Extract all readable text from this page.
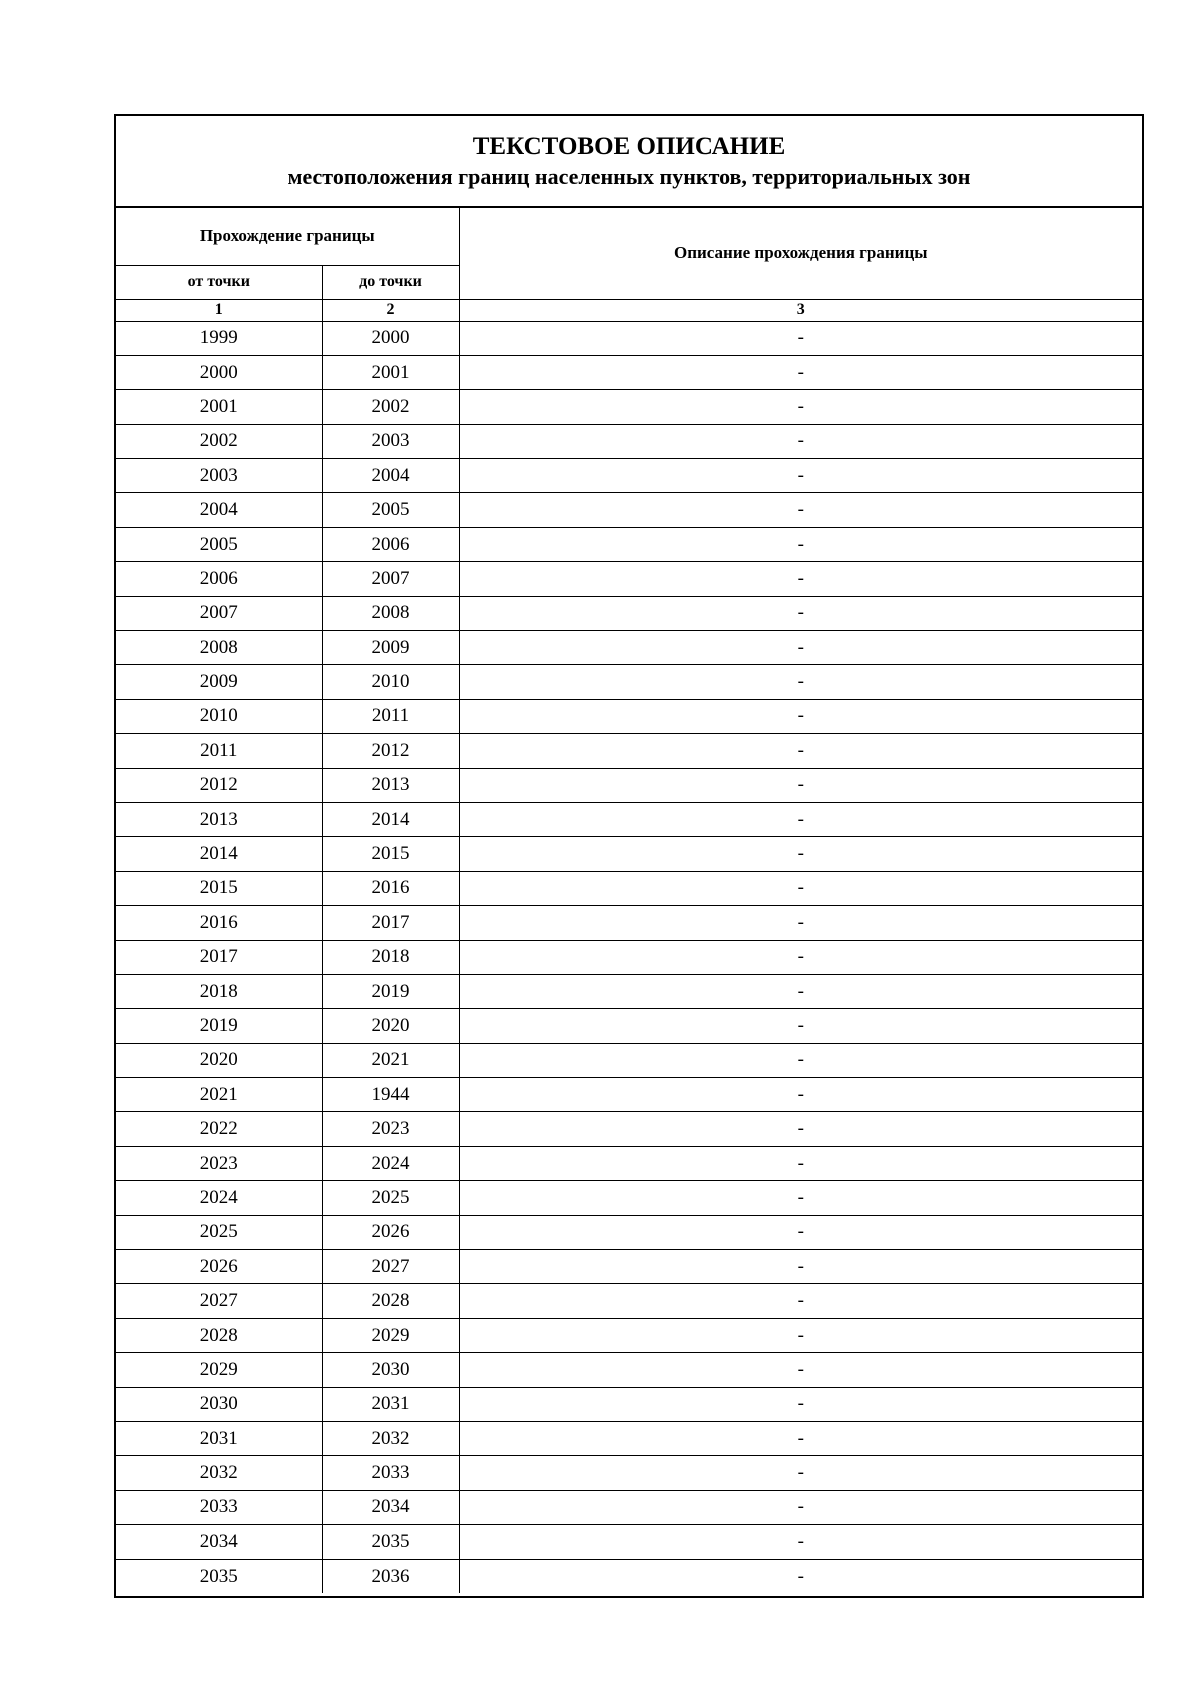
ТЕКСТОВОЕ ОПИСАНИЕ
местоположения границ населенных пунктов, территориальных зон
Прохождение границы		Описание прохождения границы
от точки	до точки	
1	2	3
1999	2000	-
2000	2001	-
2001	2002	-
2002	2003	-
2003	2004	-
2004	2005	-
2005	2006	-
2006	2007	-
2007	2008	-
2008	2009	-
2009	2010	-
2010	2011	-
2011	2012	-
2012	2013	-
2013	2014	-
2014	2015	-
2015	2016	-
2016	2017	-
2017	2018	-
2018	2019	-
2019	2020	-
2020	2021	-
2021	1944	-
2022	2023	-
2023	2024	-
2024	2025	-
2025	2026	-
2026	2027	-
2027	2028	-
2028	2029	-
2029	2030	-
2030	2031	-
2031	2032	-
2032	2033	-
2033	2034	-
2034	2035	-
2035	2036	-
